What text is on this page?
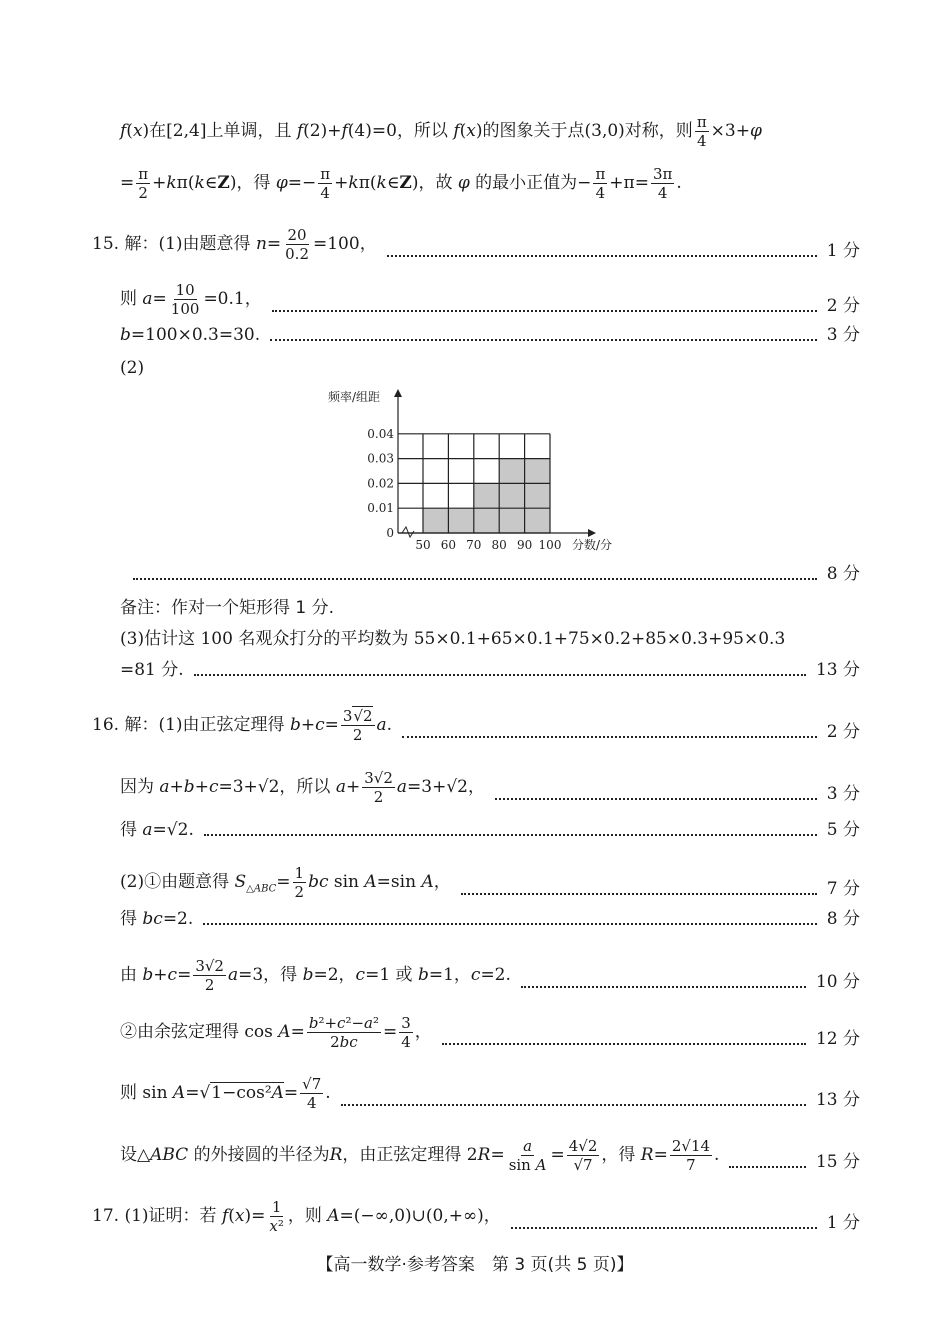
f(x)在[2,4]上单调，且 f(2)+f(4)=0，所以 f(x)的图象关于点(3,0)对称，则 $\frac{\pi}{4} \times 3+\varphi$
= $\frac{\pi}{2}$ +kπ(k∈Z)，得 $\varphi=- \frac{\pi}{4}$ +kπ(k∈Z)，故 φ 的最小正值为− $\frac{\pi}{4} +\pi= \frac{3\pi}{4}$ .
15. 解：(1)由题意得 $n= \frac{20}{0.2} =100$，	1 分
则 $a= \frac{10}{100} =0.1$，	2 分
b=100×0.3=30.	3 分
(2)
0
0.01
0.02
0.03
0.04
50 60 70 80 90 100
频率/组距
分数/分
8 分
备注：作对一个矩形得 1 分.
(3)估计这 100 名观众打分的平均数为 55×0.1+65×0.1+75×0.2+85×0.3+95×0.3
=81 分.	13 分
16. 解：(1)由正弦定理得 $b+c= \frac{3√2}{2} a$.	2 分
因为 a+b+c=3+√2，所以 $a+ \frac{3√2}{2} a=3+√2$，	3 分
得 a=√2.	5 分
(2)①由题意得 $S_{\triangle ABC}= \frac{1}{2}$ bc sin A=sin A，	7 分
得 bc=2.	8 分
由 $b+c= \frac{3√2}{2} a=3$，得 b=2，c=1 或 b=1，c=2.	10 分
②由余弦定理得 $\cos A= \frac{\text{b²+c²−a²}}{2bc} = \frac{3}{4}$ ，	12 分
则 $\sin A=√1-\cos^2A= \frac{√7}{4}$ .	13 分
设△ABC 的外接圆的半径为R，由正弦定理得 $2R= \frac{a}{\text{sin A}} = \frac{4√2}{√7}$ ，得 $R= \frac{2√14}{7}$ .	15 分
17. (1)证明：若 $f(x)= \frac{1}{\text{x²}}$ ，则 A=(−∞,0)∪(0,+∞)，	1 分
【高一数学·参考答案　第 3 页(共 5 页)】
